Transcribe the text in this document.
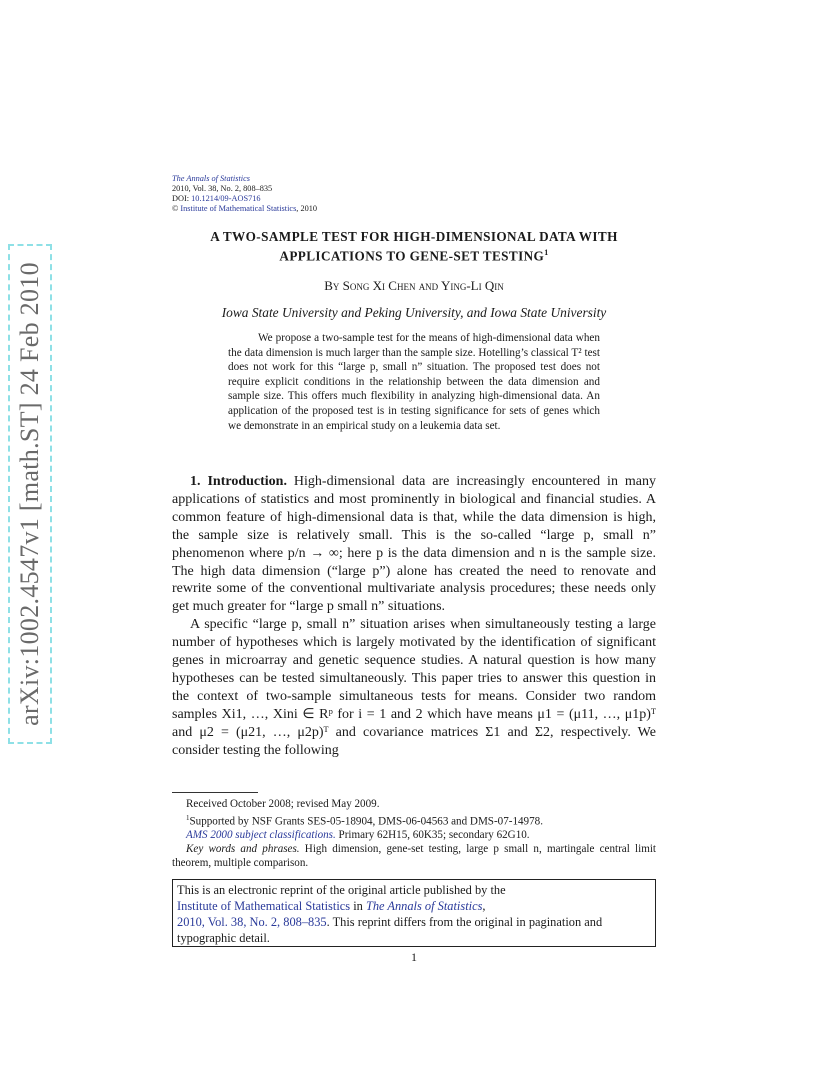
arXiv:1002.4547v1 [math.ST] 24 Feb 2010
The Annals of Statistics
2010, Vol. 38, No. 2, 808–835
DOI: 10.1214/09-AOS716
© Institute of Mathematical Statistics, 2010
A TWO-SAMPLE TEST FOR HIGH-DIMENSIONAL DATA WITH
APPLICATIONS TO GENE-SET TESTING$^1$
By Song Xi Chen and Ying-Li Qin
Iowa State University and Peking University, and Iowa State University
We propose a two-sample test for the means of high-dimensional data when the data dimension is much larger than the sample size. Hotelling’s classical T² test does not work for this “large p, small n” situation. The proposed test does not require explicit conditions in the relationship between the data dimension and sample size. This offers much flexibility in analyzing high-dimensional data. An application of the proposed test is in testing significance for sets of genes which we demonstrate in an empirical study on a leukemia data set.

1. Introduction. High-dimensional data are increasingly encountered in many applications of statistics and most prominently in biological and financial studies. A common feature of high-dimensional data is that, while the data dimension is high, the sample size is relatively small. This is the so-called “large p, small n” phenomenon where p/n → ∞; here p is the data dimension and n is the sample size. The high data dimension (“large p”) alone has created the need to renovate and rewrite some of the conventional multivariate analysis procedures; these needs only get much greater for “large p small n” situations.

A specific “large p, small n” situation arises when simultaneously testing a large number of hypotheses which is largely motivated by the identification of significant genes in microarray and genetic sequence studies. A natural question is how many hypotheses can be tested simultaneously. This paper tries to answer this question in the context of two-sample simultaneous tests for means. Consider two random samples Xi1, …, Xini ∈ Rᵖ for i = 1 and 2 which have means μ1 = (μ11, …, μ1p)ᵀ and μ2 = (μ21, …, μ2p)ᵀ and covariance matrices Σ1 and Σ2, respectively. We consider testing the following

Received October 2008; revised May 2009.

$^1$Supported by NSF Grants SES-05-18904, DMS-06-04563 and DMS-07-14978.

AMS 2000 subject classifications. Primary 62H15, 60K35; secondary 62G10.

Key words and phrases. High dimension, gene-set testing, large p small n, martingale central limit theorem, multiple comparison.

This is an electronic reprint of the original article published by the
Institute of Mathematical Statistics in The Annals of Statistics,
2010, Vol. 38, No. 2, 808–835. This reprint differs from the original in pagination and typographic detail.
1
